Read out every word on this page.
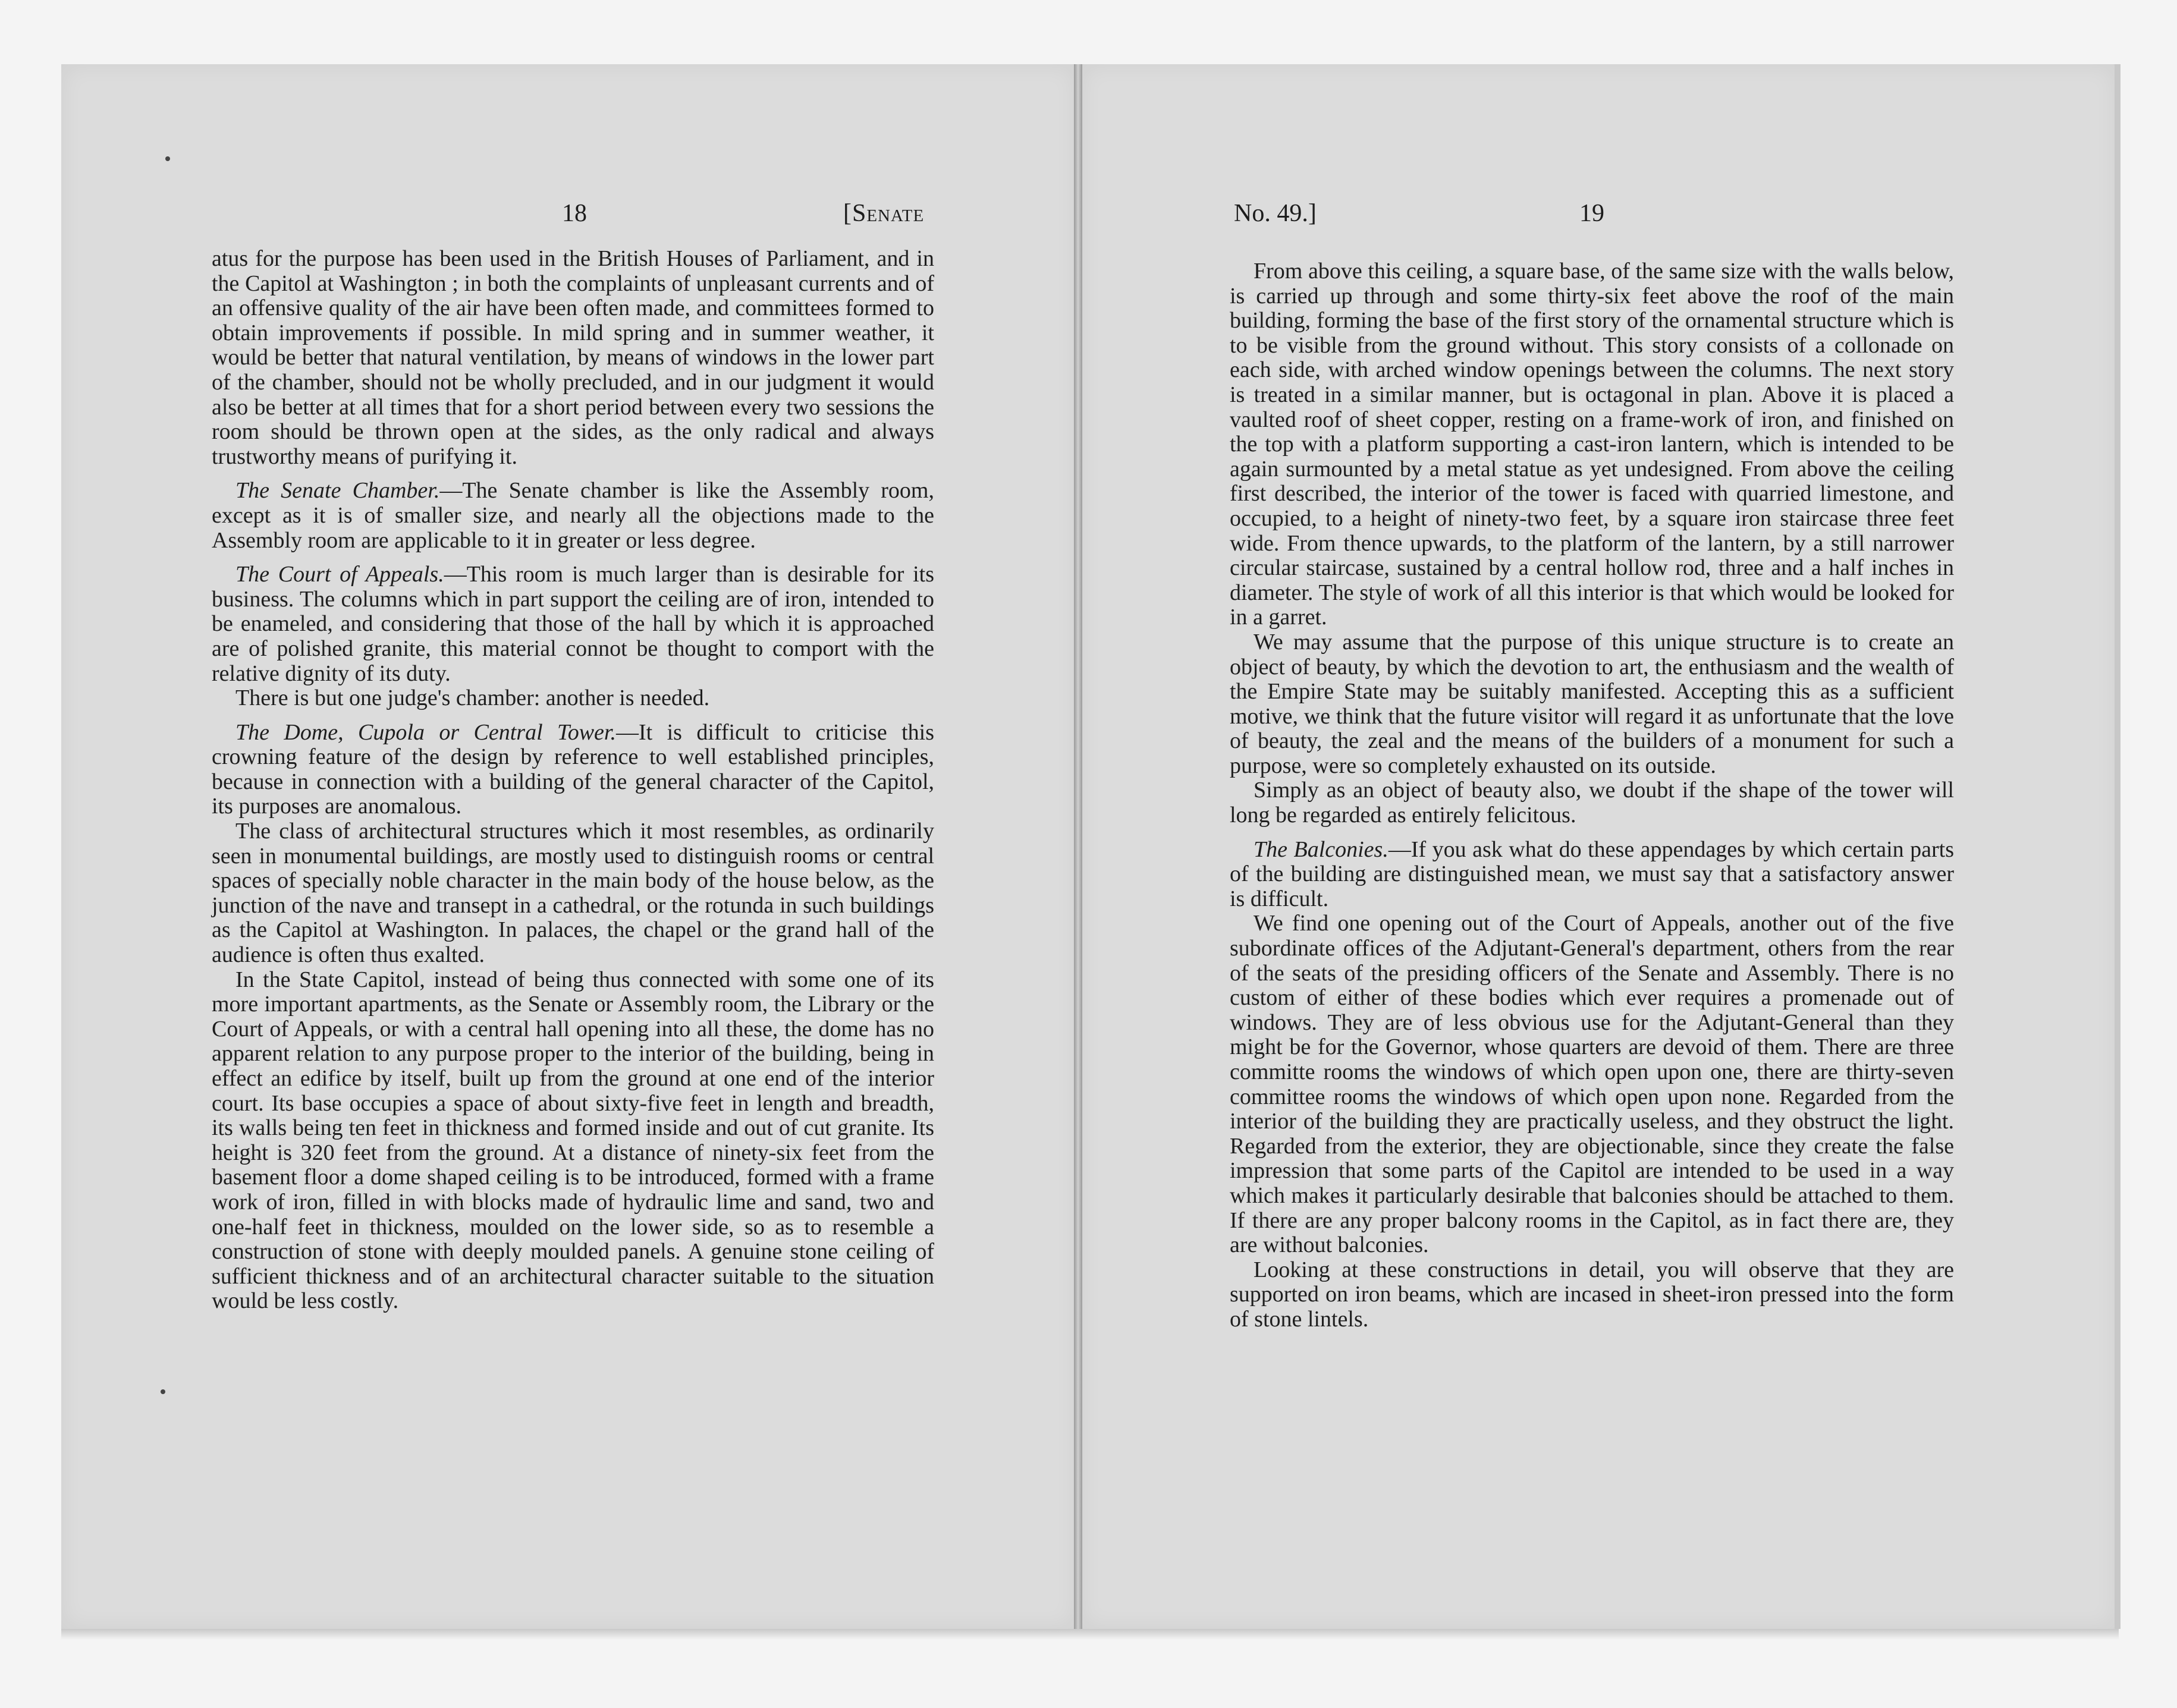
18	[Senate

atus for the purpose has been used in the British Houses of Parliament, and in the Capitol at Washington ; in both the complaints of unpleasant currents and of an offensive quality of the air have been often made, and committees formed to obtain improvements if possible. In mild spring and in summer weather, it would be better that natural ventilation, by means of windows in the lower part of the chamber, should not be wholly precluded, and in our judgment it would also be better at all times that for a short period between every two sessions the room should be thrown open at the sides, as the only radical and always trustworthy means of purifying it.

The Senate Chamber.—The Senate chamber is like the Assembly room, except as it is of smaller size, and nearly all the objections made to the Assembly room are applicable to it in greater or less degree.

The Court of Appeals.—This room is much larger than is desirable for its business. The columns which in part support the ceiling are of iron, intended to be enameled, and considering that those of the hall by which it is approached are of polished granite, this material connot be thought to comport with the relative dignity of its duty.

There is but one judge's chamber: another is needed.

The Dome, Cupola or Central Tower.—It is difficult to criticise this crowning feature of the design by reference to well established principles, because in connection with a building of the general character of the Capitol, its purposes are anomalous.

The class of architectural structures which it most resembles, as ordinarily seen in monumental buildings, are mostly used to distinguish rooms or central spaces of specially noble character in the main body of the house below, as the junction of the nave and transept in a cathedral, or the rotunda in such buildings as the Capitol at Washington. In palaces, the chapel or the grand hall of the audience is often thus exalted.

In the State Capitol, instead of being thus connected with some one of its more important apartments, as the Senate or Assembly room, the Library or the Court of Appeals, or with a central hall opening into all these, the dome has no apparent relation to any purpose proper to the interior of the building, being in effect an edifice by itself, built up from the ground at one end of the interior court. Its base occupies a space of about sixty-five feet in length and breadth, its walls being ten feet in thickness and formed inside and out of cut granite. Its height is 320 feet from the ground. At a distance of ninety-six feet from the basement floor a dome shaped ceiling is to be introduced, formed with a frame work of iron, filled in with blocks made of hydraulic lime and sand, two and one-half feet in thickness, moulded on the lower side, so as to resemble a construction of stone with deeply moulded panels. A genuine stone ceiling of sufficient thickness and of an architectural character suitable to the situation would be less costly.

No. 49.]	19

From above this ceiling, a square base, of the same size with the walls below, is carried up through and some thirty-six feet above the roof of the main building, forming the base of the first story of the ornamental structure which is to be visible from the ground without. This story consists of a collonade on each side, with arched window openings between the columns. The next story is treated in a similar manner, but is octagonal in plan. Above it is placed a vaulted roof of sheet copper, resting on a frame-work of iron, and finished on the top with a platform supporting a cast-iron lantern, which is intended to be again surmounted by a metal statue as yet undesigned. From above the ceiling first described, the interior of the tower is faced with quarried limestone, and occupied, to a height of ninety-two feet, by a square iron staircase three feet wide. From thence upwards, to the platform of the lantern, by a still narrower circular staircase, sustained by a central hollow rod, three and a half inches in diameter. The style of work of all this interior is that which would be looked for in a garret.

We may assume that the purpose of this unique structure is to create an object of beauty, by which the devotion to art, the enthusiasm and the wealth of the Empire State may be suitably manifested. Accepting this as a sufficient motive, we think that the future visitor will regard it as unfortunate that the love of beauty, the zeal and the means of the builders of a monument for such a purpose, were so completely exhausted on its outside.

Simply as an object of beauty also, we doubt if the shape of the tower will long be regarded as entirely felicitous.

The Balconies.—If you ask what do these appendages by which certain parts of the building are distinguished mean, we must say that a satisfactory answer is difficult.

We find one opening out of the Court of Appeals, another out of the five subordinate offices of the Adjutant-General's department, others from the rear of the seats of the presiding officers of the Senate and Assembly. There is no custom of either of these bodies which ever requires a promenade out of windows. They are of less obvious use for the Adjutant-General than they might be for the Governor, whose quarters are devoid of them. There are three committe rooms the windows of which open upon one, there are thirty-seven committee rooms the windows of which open upon none. Regarded from the interior of the building they are practically useless, and they obstruct the light. Regarded from the exterior, they are objectionable, since they create the false impression that some parts of the Capitol are intended to be used in a way which makes it particularly desirable that balconies should be attached to them. If there are any proper balcony rooms in the Capitol, as in fact there are, they are without balconies.

Looking at these constructions in detail, you will observe that they are supported on iron beams, which are incased in sheet-iron pressed into the form of stone lintels.
